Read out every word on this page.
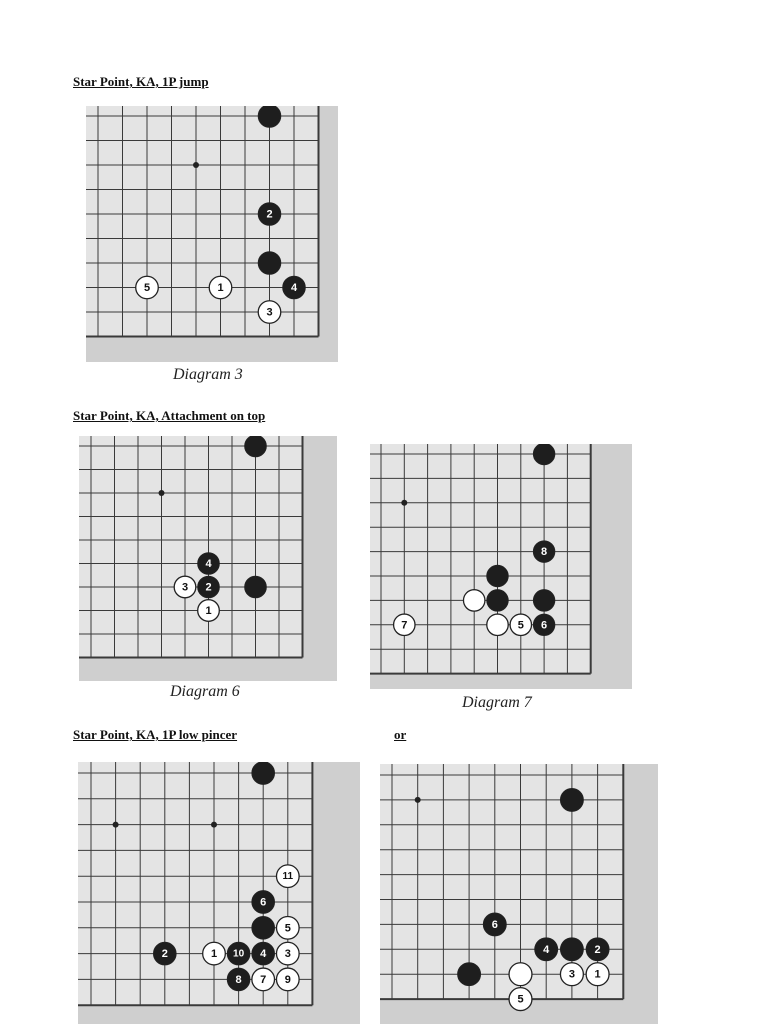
Star Point, KA, 1P jump
Star Point, KA, Attachment on top
Star Point, KA, 1P low pincer	or
2
4
1
5
3
Diagram 3
4
2
3
1
Diagram 6
8
6
5
7
Diagram 7
6
4
10
2
8
11
5
3
1
7 9
6
4	2
3 1
5
